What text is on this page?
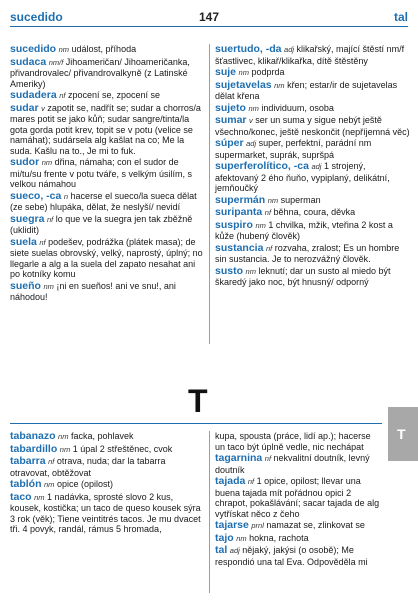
sucedido	147	tal
sucedido nm událost, příhoda
sudaca nm/f Jihoameričan/ Jihoameričanka, přivandrovalec/ přivandrovalkyně (z Latinské Ameriky)
sudadera nf zpocení se, zpocení se
sudar v zapotit se, nadřít se; sudar a chorros/a mares potit se jako kůň; sudar sangre/tinta/la gota gorda potit krev, topit se v potu (velice se namáhat); sudársela alg kašlat na co; Me la suda. Kašlu na to., Je mi to fuk.
sudor nm dřina, námaha; con el sudor de mi/tu/su frente v potu tváře, s velkým úsilím, s velkou námahou
sueco, -ca n hacerse el sueco/la sueca dělat (ze sebe) hlupáka, dělat, že neslyší/ nevidí
suegra nf lo que ve la suegra jen tak zběžně (uklidit)
suela nf podešev, podrážka (plátek masa); de siete suelas obrovský, velký, naprostý, úplný; no llegarle a alg a la suela del zapato nesahat ani po kotníky komu
sueño nm ¡ni en sueños! ani ve snu!, ani náhodou!
suertudo, -da adj klikařský, mající štěstí nm/f šťastlivec, klikař/klikařka, dítě štěstěny
suje nm podprda
sujetavelas nm křen; estar/ir de sujetavelas dělat křena
sujeto nm individuum, osoba
sumar v ser un suma y sigue nebýt ještě všechno/konec, ještě neskončit (nepříjemná věc)
súper adj super, perfektní, parádní nm supermarket, suprák, supršpá
superferolítico, -ca adj 1 strojený, afektovaný 2 ého ňuňo, vypiplaný, delikátní, jemňoučký
supermán nm superman
suripanta nf běhna, coura, děvka
suspiro nm 1 chvilka, mžik, vteřina 2 kost a kůže (hubený člověk)
sustancia nf rozvaha, zralost; Es un hombre sin sustancia. Je to nerozvážný člověk.
susto nm leknutí; dar un susto al miedo být škaredý jako noc, být hnusný/ odporný
T
T
tabanazo nm facka, pohlavek
tabardillo nm 1 úpal 2 střeštěnec, cvok
tabarra nf otrava, nuda; dar la tabarra otravovat, obtěžovat
tablón nm opice (opilost)
taco nm 1 nadávka, sprosté slovo 2 kus, kousek, kostička; un taco de queso kousek sýra 3 rok (věk); Tiene veintitrés tacos. Je mu dvacet tři. 4 povyk, randál, rámus 5 hromada,
kupa, spousta (práce, lidí ap.); hacerse un taco být úplně vedle, nic nechápat
tagarnina nf nekvalitní doutník, levný doutník
tajada nf 1 opice, opilost; llevar una buena tajada mít pořádnou opici 2 chrapot, pokašlávání; sacar tajada de alg vytřískat něco z čeho
tajarse prnl namazat se, zlinkovat se
tajo nm hokna, rachota
tal adj nějaký, jakýsi (o osobě); Me respondió una tal Eva. Odpověděla mi
